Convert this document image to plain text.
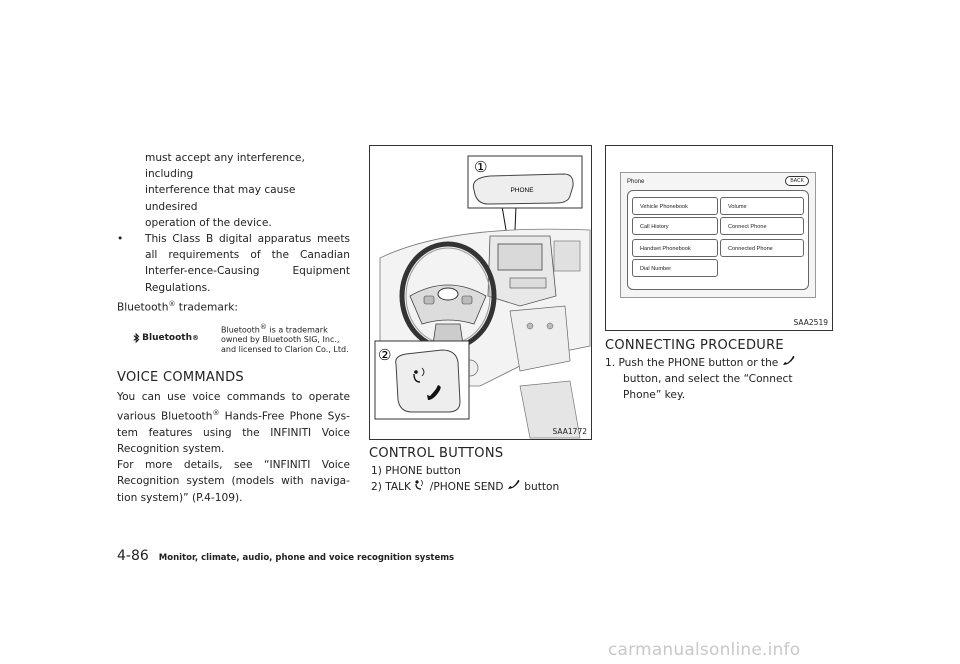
must accept any interference, including

interference that may cause undesired

operation of the device.

•	This Class B digital apparatus meets all requirements of the Canadian Interfer-ence-Causing Equipment Regulations.

Bluetooth® trademark:

Bluetooth ®
Bluetooth® is a trademark owned by Bluetooth SIG, Inc., and licensed to Clarion Co., Ltd.
VOICE COMMANDS

You can use voice commands to operate various Bluetooth® Hands-Free Phone Sys-tem features using the INFINITI Voice Recognition system.

For more details, see “INFINITI Voice Recognition system (models with naviga-tion system)” (P.4-109).

①
PHONE
②
SAA1772
Phone	BACK
Vehicle Phonebook
Call History
Handset Phonebook
Dial Number
Volume
Connect Phone
Connected Phone
SAA2519
CONTROL BUTTONS

1) PHONE button

2) TALK /PHONE SEND button

CONNECTING PROCEDURE

1. Push the PHONE button or the
button, and select the “Connect Phone” key.

4-86 Monitor, climate, audio, phone and voice recognition systems
carmanualsonline.info
